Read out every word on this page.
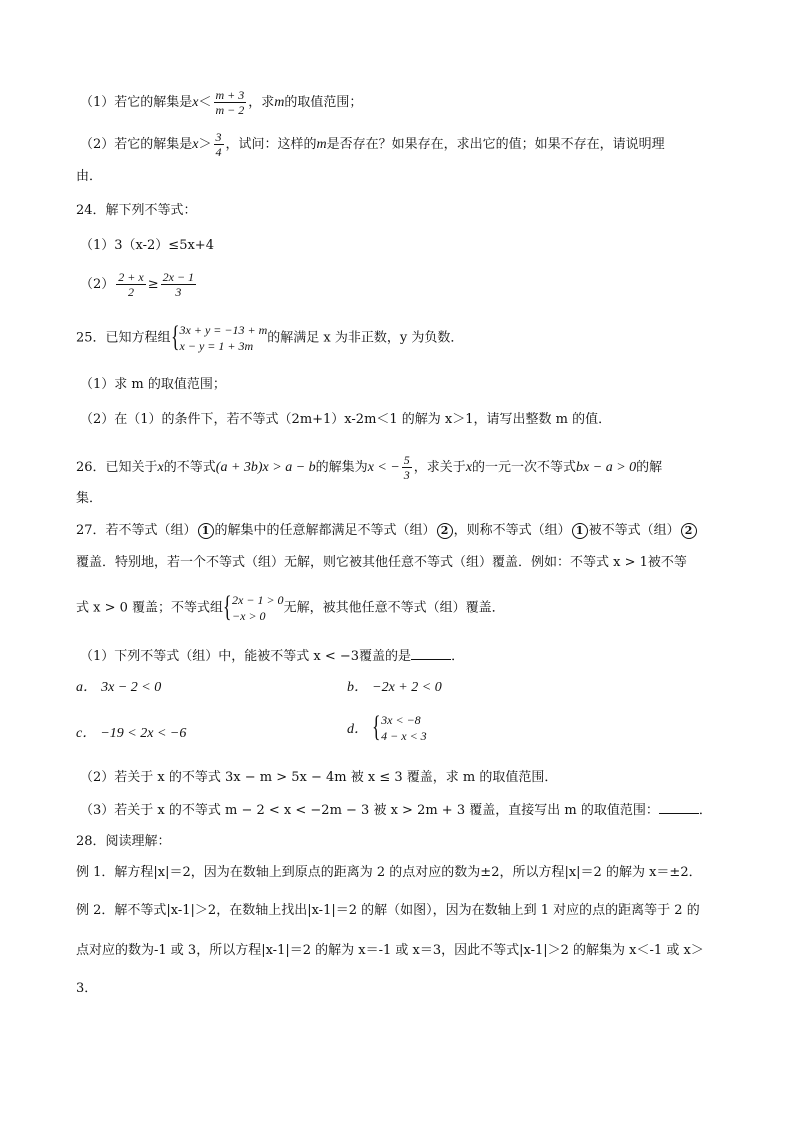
（1）若它的解集是$x< \frac{m + 3}{m - 2}$ ，求m的取值范围；
（2）若它的解集是$x> \frac{3}{4}$ ，试问：这样的m是否存在？如果存在，求出它的值；如果不存在，请说明理
由．
24．解下列不等式：
（1）3（x-2）≤5x+4
$(2) \frac{2 + x}{2} \ge \frac{2x - 1}{3}$
25．已知方程组 { 3x + y = −13 + m
x − y = 1 + 3m
的解满足 x 为非正数，y 为负数．
（1）求 m 的取值范围；
（2）在（1）的条件下，若不等式（2m+1）x-2m＜1 的解为 x＞1，请写出整数 m 的值．
26．已知关于x的不等式(a + 3b)x > a − b的解集为x < − $\frac{5}{3}$ ，求关于x的一元一次不等式bx − a > 0的解
集．
27．若不等式（组） 1 的解集中的任意解都满足不等式（组） 2 ，则称不等式（组） 1 被不等式（组） 2
覆盖．特别地，若一个不等式（组）无解，则它被其他任意不等式（组）覆盖．例如：不等式 x > 1被不等
式 x > 0 覆盖；不等式组 { 2x − 1 > 0
−x > 0
无解，被其他任意不等式（组）覆盖．
（1）下列不等式（组）中，能被不等式 x < −3覆盖的是	．
a． 3x − 2 < 0	b． −2x + 2 < 0
c． −19 < 2x < −6	d． { 3x < −8
4 − x < 3
（2）若关于 x 的不等式 3x − m > 5x − 4m 被 x ≤ 3 覆盖，求 m 的取值范围．
（3）若关于 x 的不等式 m − 2 < x < −2m − 3 被 x > 2m + 3 覆盖，直接写出 m 的取值范围：	．
28．阅读理解：
例 1．解方程|x|＝2，因为在数轴上到原点的距离为 2 的点对应的数为±2，所以方程|x|＝2 的解为 x＝±2．
例 2．解不等式|x-1|＞2，在数轴上找出|x-1|＝2 的解（如图），因为在数轴上到 1 对应的点的距离等于 2 的
点对应的数为-1 或 3，所以方程|x-1|＝2 的解为 x＝-1 或 x＝3，因此不等式|x-1|＞2 的解集为 x＜-1 或 x＞
3．
